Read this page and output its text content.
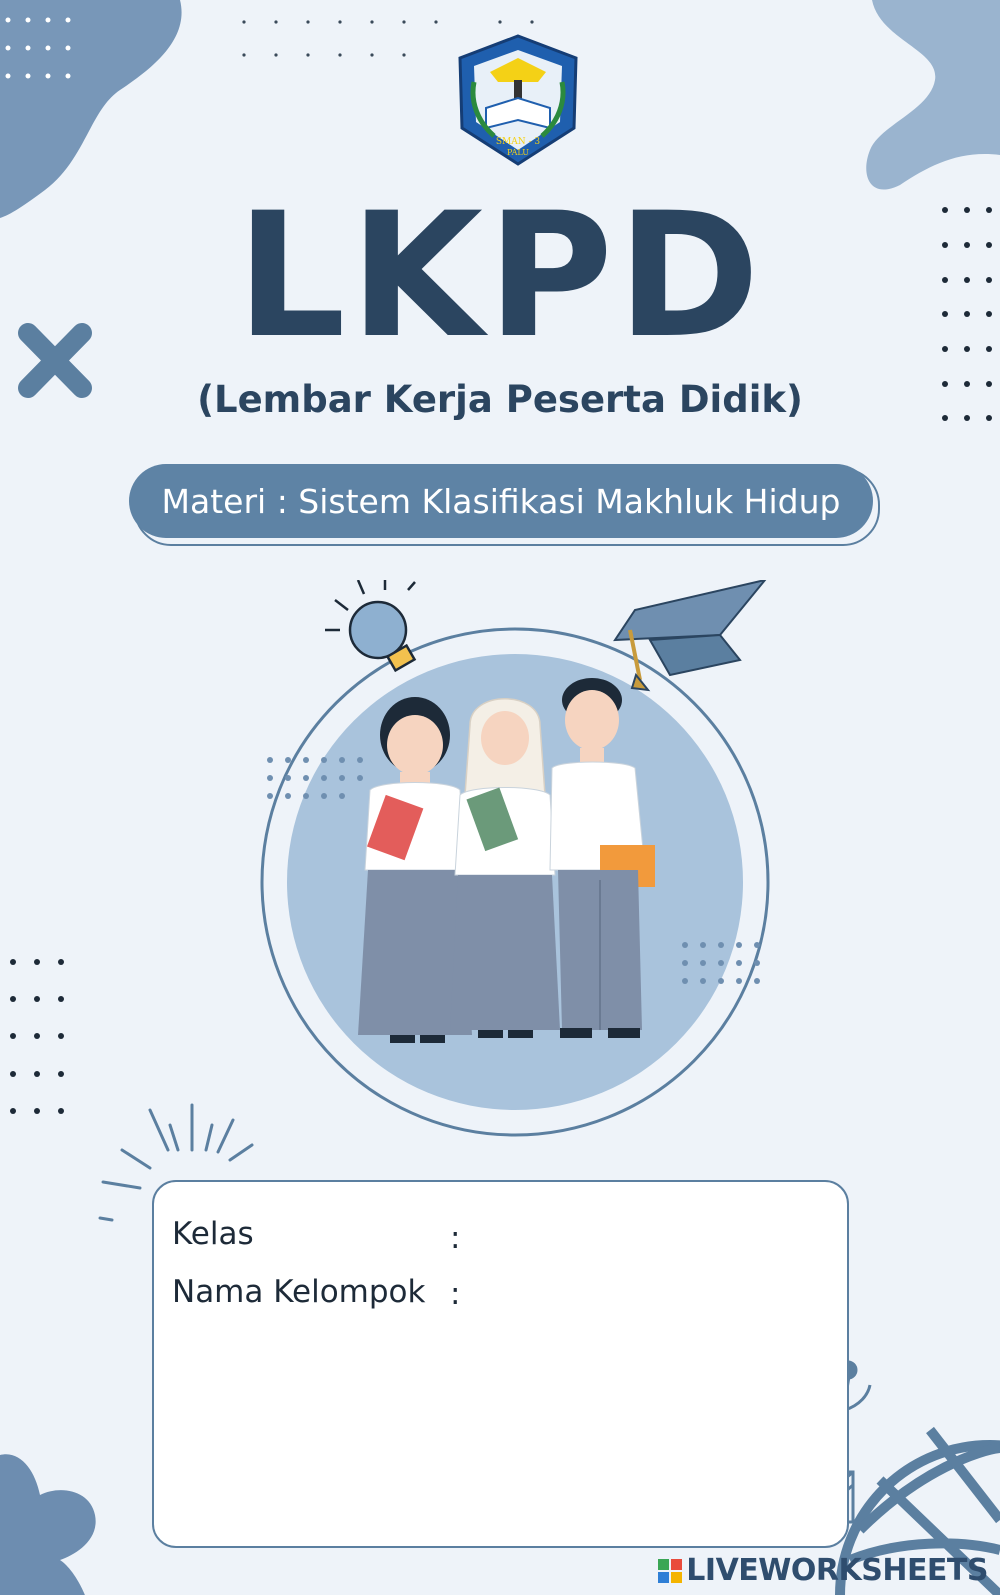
SMAN - 3
PALU
LKPD
(Lembar Kerja Peserta Didik)
Materi : Sistem Klasifikasi Makhluk Hidup
Kelas	:
Nama Kelompok :
LIVEWORKSHEETS
